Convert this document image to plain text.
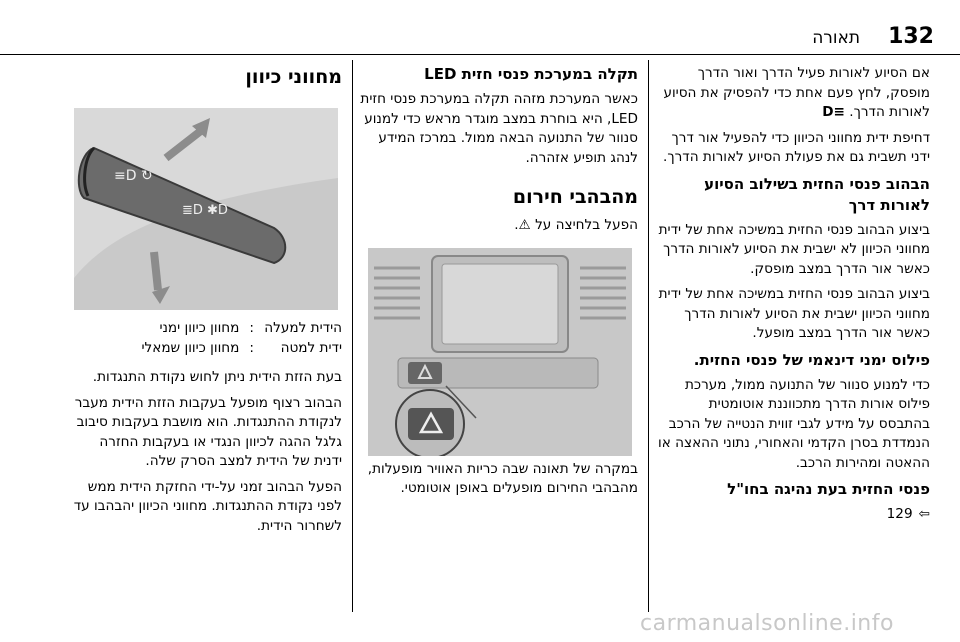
132
תאורה

אם הסיוע לאורות פעיל הדרך ואור הדרך מופסק, לחץ פעם אחת כדי להפסיק את הסיוע לאורות הדרך. ≡D

דחיפת ידית מחווני הכיוון כדי להפעיל אור דרך ידני תשבית גם את פעולת הסיוע לאורות הדרך.

הבהוב פנסי החזית בשילוב הסיוע לאורות דרך

ביצוע הבהוב פנסי החזית במשיכה אחת של ידית מחווני הכיוון לא ישבית את הסיוע לאורות הדרך כאשר אור הדרך במצב מופסק.

ביצוע הבהוב פנסי החזית במשיכה אחת של ידית מחווני הכיוון ישבית את הסיוע לאורות הדרך כאשר אור הדרך במצב מופעל.

פילוס ימני דינאמי של פנסי החזית.

כדי למנוע סנוור של התנועה ממול, מערכת פילוס אורות הדרך מתכווננת אוטומטית בהתבסס על מידע לגבי זווית הנטייה של הרכב הנמדדת בסרן הקדמי והאחורי, נתוני ההאצה או ההאטה ומהירות הרכב.

פנסי החזית בעת נהיגה בחו"ל

⇦
129

תקלה במערכת פנסי חזית LED

כאשר המערכת מזהה תקלה במערכת פנסי חזית LED, היא בוחרת במצב מוגדר מראש כדי למנוע סנוור של התנועה הבאה ממול. במרכז המידע לנהג תופיע אזהרה.

מהבהבי חירום

הפעל בלחיצה על ⚠.

במקרה של תאונה שבה כריות האוויר מופעלות, מהבהבי החירום מופעלים באופן אוטומטי.

מחווני כיוון

≡D ↻
≣D ✱D
הידית למעלה
:
מחוון כיוון ימני
ידית למטה
:
מחוון כיוון שמאלי

בעת הזזת הידית ניתן לחוש נקודת התנגדות.

הבהוב רצוף מופעל בעקבות הזזת הידית מעבר לנקודת ההתנגדות. הוא מושבת בעקבות סיבוב גלגל ההגה לכיוון הנגדי או בעקבות החזרה ידנית של הידית למצב הסרק שלה.

הפעל הבהוב זמני על-ידי החזקת הידית ממש לפני נקודת ההתנגדות. מחווני הכיוון יהבהבו עד לשחרור הידית.

carmanualsonline.info
